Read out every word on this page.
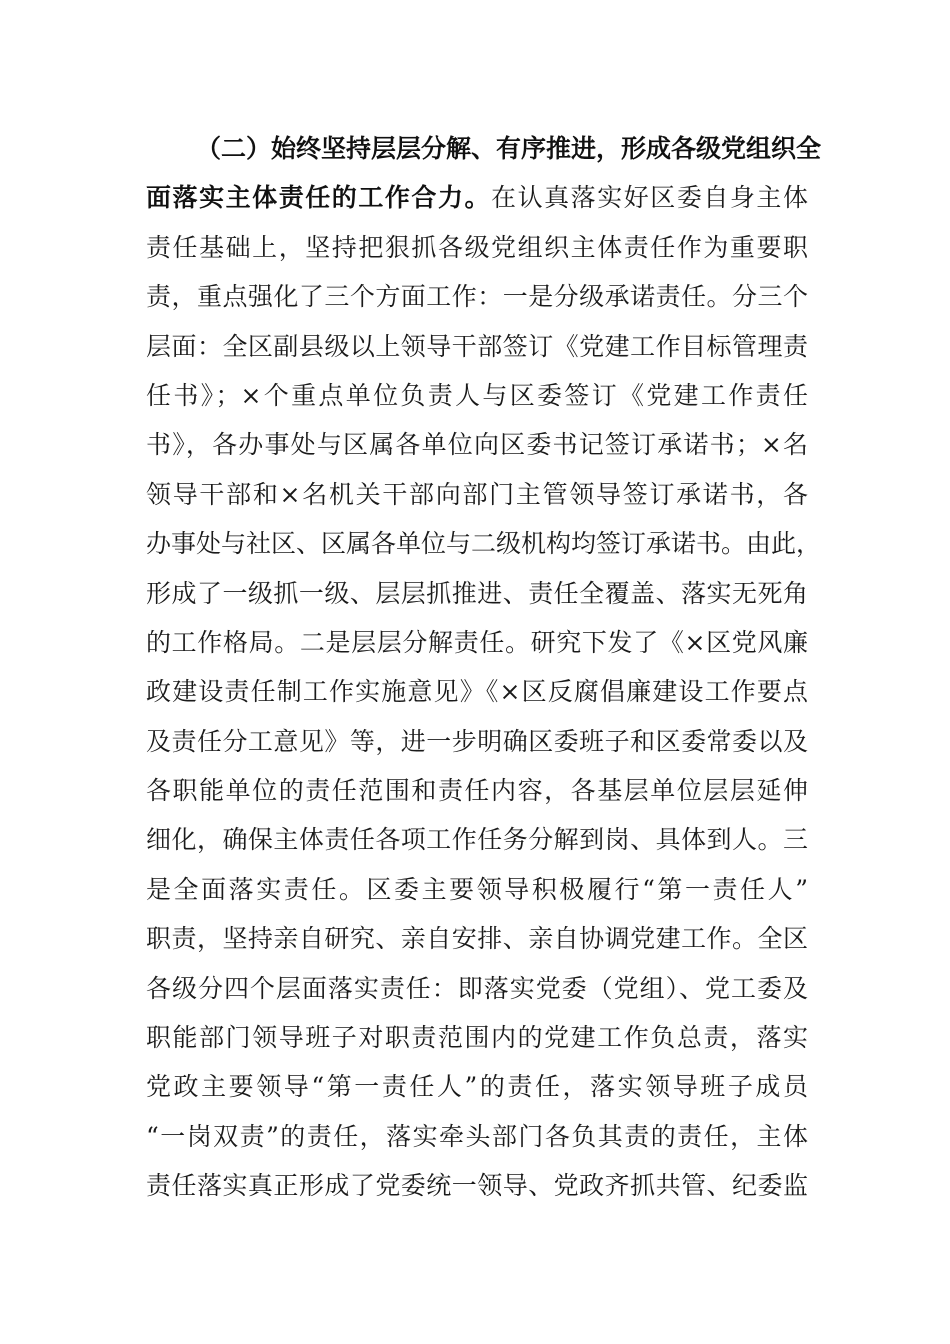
（二）始终坚持层层分解、有序推进，形成各级党组织全
面落实主体责任的工作合力。在认真落实好区委自身主体
责任基础上，坚持把狠抓各级党组织主体责任作为重要职
责，重点强化了三个方面工作：一是分级承诺责任。分三个
层面：全区副县级以上领导干部签订《党建工作目标管理责
任书》；×个重点单位负责人与区委签订《党建工作责任
书》，各办事处与区属各单位向区委书记签订承诺书；×名
领导干部和×名机关干部向部门主管领导签订承诺书，各
办事处与社区、区属各单位与二级机构均签订承诺书。由此，
形成了一级抓一级、层层抓推进、责任全覆盖、落实无死角
的工作格局。二是层层分解责任。研究下发了《×区党风廉
政建设责任制工作实施意见》《×区反腐倡廉建设工作要点
及责任分工意见》等，进一步明确区委班子和区委常委以及
各职能单位的责任范围和责任内容，各基层单位层层延伸
细化，确保主体责任各项工作任务分解到岗、具体到人。三
是全面落实责任。区委主要领导积极履行“第一责任人”
职责，坚持亲自研究、亲自安排、亲自协调党建工作。全区
各级分四个层面落实责任：即落实党委（党组）、党工委及
职能部门领导班子对职责范围内的党建工作负总责，落实
党政主要领导“第一责任人”的责任，落实领导班子成员
“一岗双责”的责任，落实牵头部门各负其责的责任，主体
责任落实真正形成了党委统一领导、党政齐抓共管、纪委监
